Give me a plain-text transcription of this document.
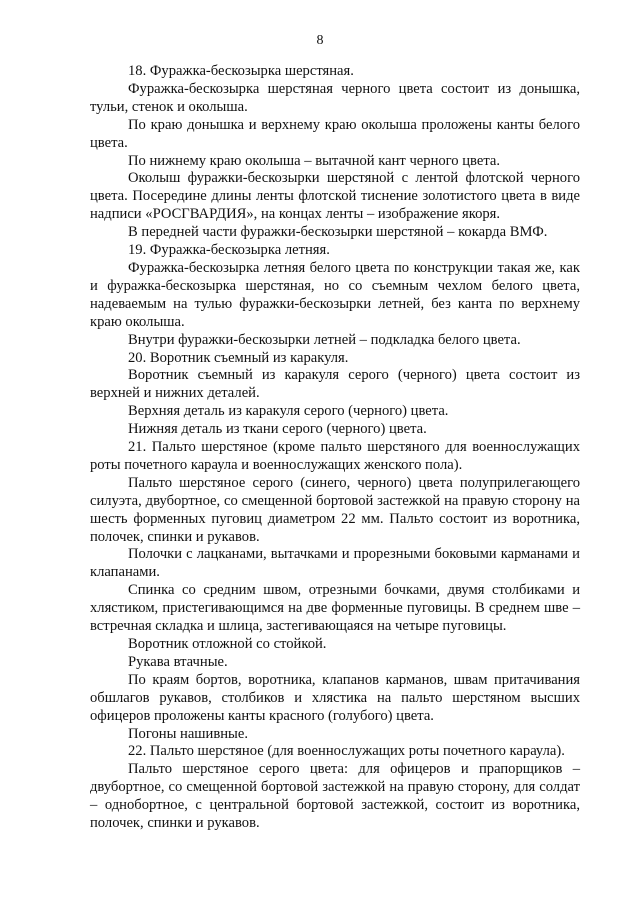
8

18. Фуражка-бескозырка шерстяная.

Фуражка-бескозырка шерстяная черного цвета состоит из донышка, тульи, стенок и околыша.

По краю донышка и верхнему краю околыша проложены канты белого цвета.

По нижнему краю околыша – вытачной кант черного цвета.

Околыш фуражки-бескозырки шерстяной с лентой флотской черного цвета. Посередине длины ленты флотской тиснение золотистого цвета в виде надписи «РОСГВАРДИЯ», на концах ленты – изображение якоря.

В передней части фуражки-бескозырки шерстяной – кокарда ВМФ.

19. Фуражка-бескозырка летняя.

Фуражка-бескозырка летняя белого цвета по конструкции такая же, как и фуражка-бескозырка шерстяная, но со съемным чехлом белого цвета, надеваемым на тулью фуражки-бескозырки летней, без канта по верхнему краю околыша.

Внутри фуражки-бескозырки летней – подкладка белого цвета.

20. Воротник съемный из каракуля.

Воротник съемный из каракуля серого (черного) цвета состоит из верхней и нижних деталей.

Верхняя деталь из каракуля серого (черного) цвета.

Нижняя деталь из ткани серого (черного) цвета.

21. Пальто шерстяное (кроме пальто шерстяного для военнослужащих роты почетного караула и военнослужащих женского пола).

Пальто шерстяное серого (синего, черного) цвета полуприлегающего силуэта, двубортное, со смещенной бортовой застежкой на правую сторону на шесть форменных пуговиц диаметром 22 мм. Пальто состоит из воротника, полочек, спинки и рукавов.

Полочки с лацканами, вытачками и прорезными боковыми карманами и клапанами.

Спинка со средним швом, отрезными бочками, двумя столбиками и хлястиком, пристегивающимся на две форменные пуговицы. В среднем шве – встречная складка и шлица, застегивающаяся на четыре пуговицы.

Воротник отложной со стойкой.

Рукава втачные.

По краям бортов, воротника, клапанов карманов, швам притачивания обшлагов рукавов, столбиков и хлястика на пальто шерстяном высших офицеров проложены канты красного (голубого) цвета.

Погоны нашивные.

22. Пальто шерстяное (для военнослужащих роты почетного караула).

Пальто шерстяное серого цвета: для офицеров и прапорщиков – двубортное, со смещенной бортовой застежкой на правую сторону, для солдат – однобортное, с центральной бортовой застежкой, состоит из воротника, полочек, спинки и рукавов.
